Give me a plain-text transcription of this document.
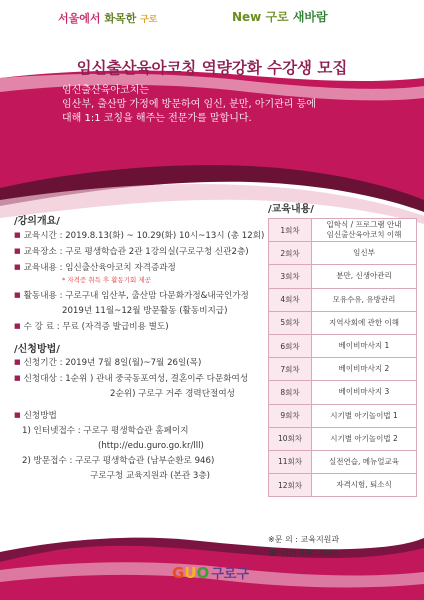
서울에서 화목한 구로	New 구로 새바람
임신출산육아코칭 역량강화 수강생 모집
임신출산육아코치는
임산부, 출산맘 가정에 방문하여 임신, 분만, 아기관리 등에
대해 1:1 코칭을 해주는 전문가를 말합니다.
/강의개요/
■ 교육시간 : 2019.8.13(화) ~ 10.29(화) 10시~13시 (총 12회)
■ 교육장소 : 구로 평생학습관 2관 1강의실(구로구청 신관2층)
■ 교육내용 : 임신출산육아코치 자격증과정
* 자격증 취득 후 활동기회 제공
■ 활동내용 : 구로구내 임산부, 출산맘 다문화가정&내국인가정
2019년 11월~12월 방문활동 (활동비지급)
■ 수 강 료 : 무료 (자격증 발급비용 별도)
/신청방법/
■ 신청기간 : 2019년 7월 8일(월)~7월 26일(목)
■ 신청대상 : 1순위 ) 관내 중국동포여성, 결혼이주 다문화여성
2순위) 구로구 거주 경력단절여성
■ 신청방법
1) 인터넷접수 : 구로구 평생학습관 홈페이지
(http://edu.guro.go.kr/lll)
2) 방문접수 : 구로구 평생학습관 (남부순환로 946)
구로구청 교육지원과 (본관 3층)
/교육내용/
1회차	입학식 / 프로그램 안내
임신출산육아코치 이해

2회차	임신부

3회차	분만, 신생아관리

4회차	모유수유, 유방관리

5회차	지역사회에 관한 이해

6회차	베이비마사지 1

7회차	베이비마사지 2

8회차	베이비마사지 3

9회차	시기별 아기놀이법 1

10회차	시기별 아기놀이법 2

11회차	실전연습, 메뉴얼교육

12회차	자격시험, 퇴소식
※문 의 : 교육지원과
☎ (02) 860-2660
GUO 구로구
